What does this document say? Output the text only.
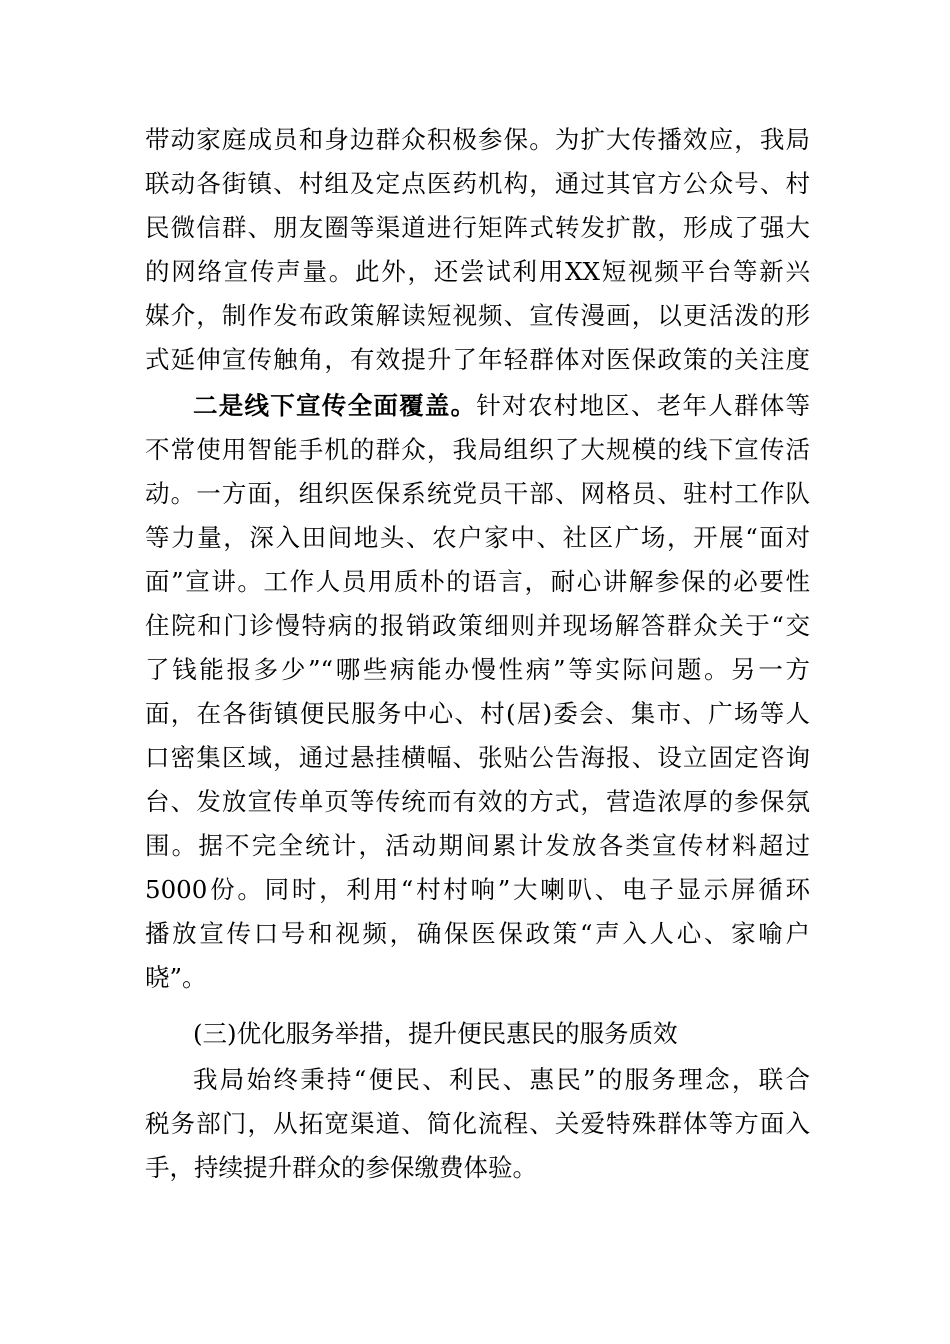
带动家庭成员和身边群众积极参保。为扩大传播效应，我局
联动各街镇、村组及定点医药机构，通过其官方公众号、村
民微信群、朋友圈等渠道进行矩阵式转发扩散，形成了强大
的网络宣传声量。此外，还尝试利用XX短视频平台等新兴
媒介，制作发布政策解读短视频、宣传漫画，以更活泼的形
式延伸宣传触角，有效提升了年轻群体对医保政策的关注度
二是线下宣传全面覆盖。针对农村地区、老年人群体等
不常使用智能手机的群众，我局组织了大规模的线下宣传活
动。一方面，组织医保系统党员干部、网格员、驻村工作队
等力量，深入田间地头、农户家中、社区广场，开展“面对
面”宣讲。工作人员用质朴的语言，耐心讲解参保的必要性
住院和门诊慢特病的报销政策细则并现场解答群众关于“交
了钱能报多少”“哪些病能办慢性病”等实际问题。另一方
面，在各街镇便民服务中心、村(居)委会、集市、广场等人
口密集区域，通过悬挂横幅、张贴公告海报、设立固定咨询
台、发放宣传单页等传统而有效的方式，营造浓厚的参保氛
围。据不完全统计，活动期间累计发放各类宣传材料超过
5000份。同时，利用“村村响”大喇叭、电子显示屏循环
播放宣传口号和视频，确保医保政策“声入人心、家喻户
晓”。
(三)优化服务举措，提升便民惠民的服务质效
我局始终秉持“便民、利民、惠民”的服务理念，联合
税务部门，从拓宽渠道、简化流程、关爱特殊群体等方面入
手，持续提升群众的参保缴费体验。
